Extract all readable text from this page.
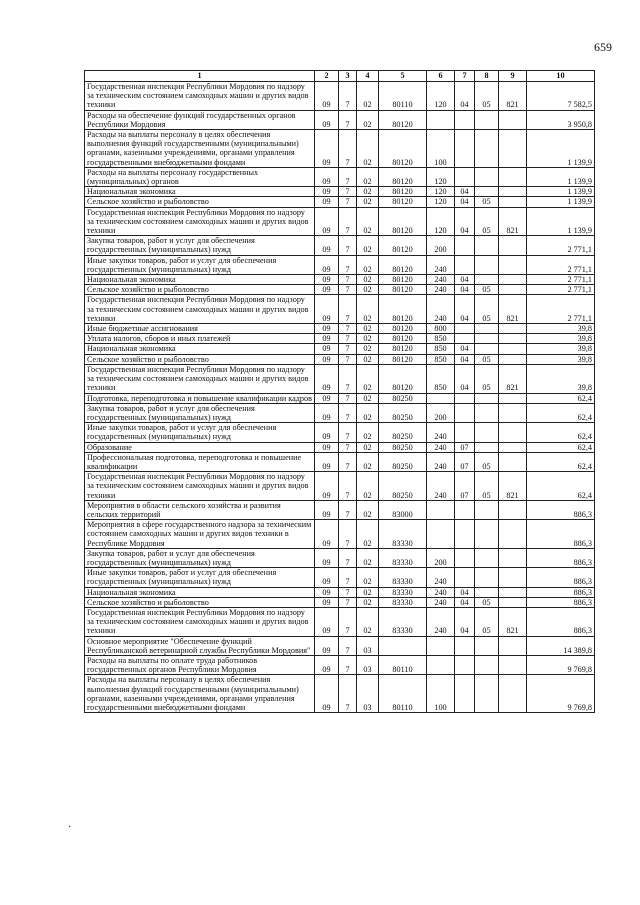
659
1	2	3	4	5	6	7	8	9	10
Государственная инспекция Республики Мордовия по надзору за техническим состоянием самоходных машин и других видов техники	09	7	02	80110	120	04	05	821	7 582,5
Расходы на обеспечение функций государственных органов Республики Мордовия	09	7	02	80120					3 950,8
Расходы на выплаты персоналу в целях обеспечения выполнения функций государственными (муниципальными) органами, казенными учреждениями, органами управления государственными внебюджетными фондами	09	7	02	80120	100				1 139,9
Расходы на выплаты персоналу государственных (муниципальных) органов	09	7	02	80120	120				1 139,9
Национальная экономика	09	7	02	80120	120	04			1 139,9
Сельское хозяйство и рыболовство	09	7	02	80120	120	04	05		1 139,9
Государственная инспекция Республики Мордовия по надзору за техническим состоянием самоходных машин и других видов техники	09	7	02	80120	120	04	05	821	1 139,9
Закупка товаров, работ и услуг для обеспечения государственных (муниципальных) нужд	09	7	02	80120	200				2 771,1
Иные закупки товаров, работ и услуг для обеспечения государственных (муниципальных) нужд	09	7	02	80120	240				2 771,1
Национальная экономика	09	7	02	80120	240	04			2 771,1
Сельское хозяйство и рыболовство	09	7	02	80120	240	04	05		2 771,1
Государственная инспекция Республики Мордовия по надзору за техническим состоянием самоходных машин и других видов техники	09	7	02	80120	240	04	05	821	2 771,1
Иные бюджетные ассигнования	09	7	02	80120	800				39,8
Уплата налогов, сборов и иных платежей	09	7	02	80120	850				39,8
Национальная экономика	09	7	02	80120	850	04			39,8
Сельское хозяйство и рыболовство	09	7	02	80120	850	04	05		39,8
Государственная инспекция Республики Мордовия по надзору за техническим состоянием самоходных машин и других видов техники	09	7	02	80120	850	04	05	821	39,8
Подготовка, переподготовка и повышение квалификации кадров	09	7	02	80250					62,4
Закупка товаров, работ и услуг для обеспечения государственных (муниципальных) нужд	09	7	02	80250	200				62,4
Иные закупки товаров, работ и услуг для обеспечения государственных (муниципальных) нужд	09	7	02	80250	240				62,4
Образование	09	7	02	80250	240	07			62,4
Профессиональная подготовка, переподготовка и повышение квалификации	09	7	02	80250	240	07	05		62,4
Государственная инспекция Республики Мордовия по надзору за техническим состоянием самоходных машин и других видов техники	09	7	02	80250	240	07	05	821	62,4
Мероприятия в области сельского хозяйства и развития сельских территорий	09	7	02	83000					886,3
Мероприятия в сфере государственного надзора за техническим состоянием самоходных машин и других видов техники в Республике Мордовия	09	7	02	83330					886,3
Закупка товаров, работ и услуг для обеспечения государственных (муниципальных) нужд	09	7	02	83330	200				886,3
Иные закупки товаров, работ и услуг для обеспечения государственных (муниципальных) нужд	09	7	02	83330	240				886,3
Национальная экономика	09	7	02	83330	240	04			886,3
Сельское хозяйство и рыболовство	09	7	02	83330	240	04	05		886,3
Государственная инспекция Республики Мордовия по надзору за техническим состоянием самоходных машин и других видов техники	09	7	02	83330	240	04	05	821	886,3
Основное мероприятие "Обеспечение функций Республиканской ветеринарной службы Республики Мордовия"	09	7	03						14 389,8
Расходы на выплаты по оплате труда работников государственных органов Республики Мордовия	09	7	03	80110					9 769,8
Расходы на выплаты персоналу в целях обеспечения выполнения функций государственными (муниципальными) органами, казенными учреждениями, органами управления государственными внебюджетными фондами	09	7	03	80110	100				9 769,8
·
